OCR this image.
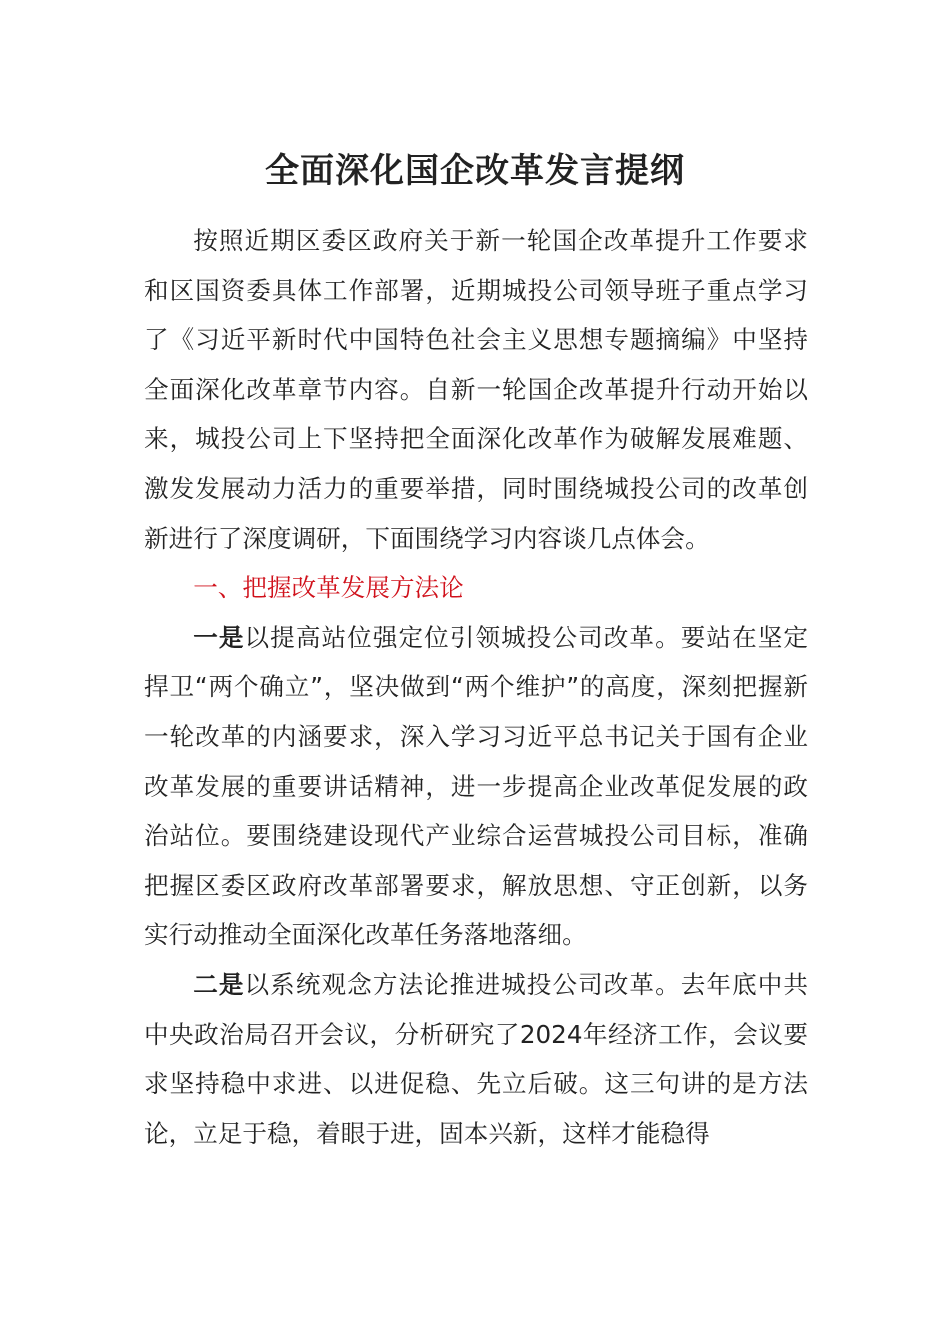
全面深化国企改革发言提纲

按照近期区委区政府关于新一轮国企改革提升工作要求和区国资委具体工作部署，近期城投公司领导班子重点学习了《习近平新时代中国特色社会主义思想专题摘编》中坚持全面深化改革章节内容。自新一轮国企改革提升行动开始以来，城投公司上下坚持把全面深化改革作为破解发展难题、激发发展动力活力的重要举措，同时围绕城投公司的改革创新进行了深度调研，下面围绕学习内容谈几点体会。

一、把握改革发展方法论

一是以提高站位强定位引领城投公司改革。要站在坚定捍卫“两个确立”，坚决做到“两个维护”的高度，深刻把握新一轮改革的内涵要求，深入学习习近平总书记关于国有企业改革发展的重要讲话精神，进一步提高企业改革促发展的政治站位。要围绕建设现代产业综合运营城投公司目标，准确把握区委区政府改革部署要求，解放思想、守正创新，以务实行动推动全面深化改革任务落地落细。

二是以系统观念方法论推进城投公司改革。去年底中共中央政治局召开会议，分析研究了2024年经济工作，会议要求坚持稳中求进、以进促稳、先立后破。这三句讲的是方法论，立足于稳，着眼于进，固本兴新，这样才能稳得
